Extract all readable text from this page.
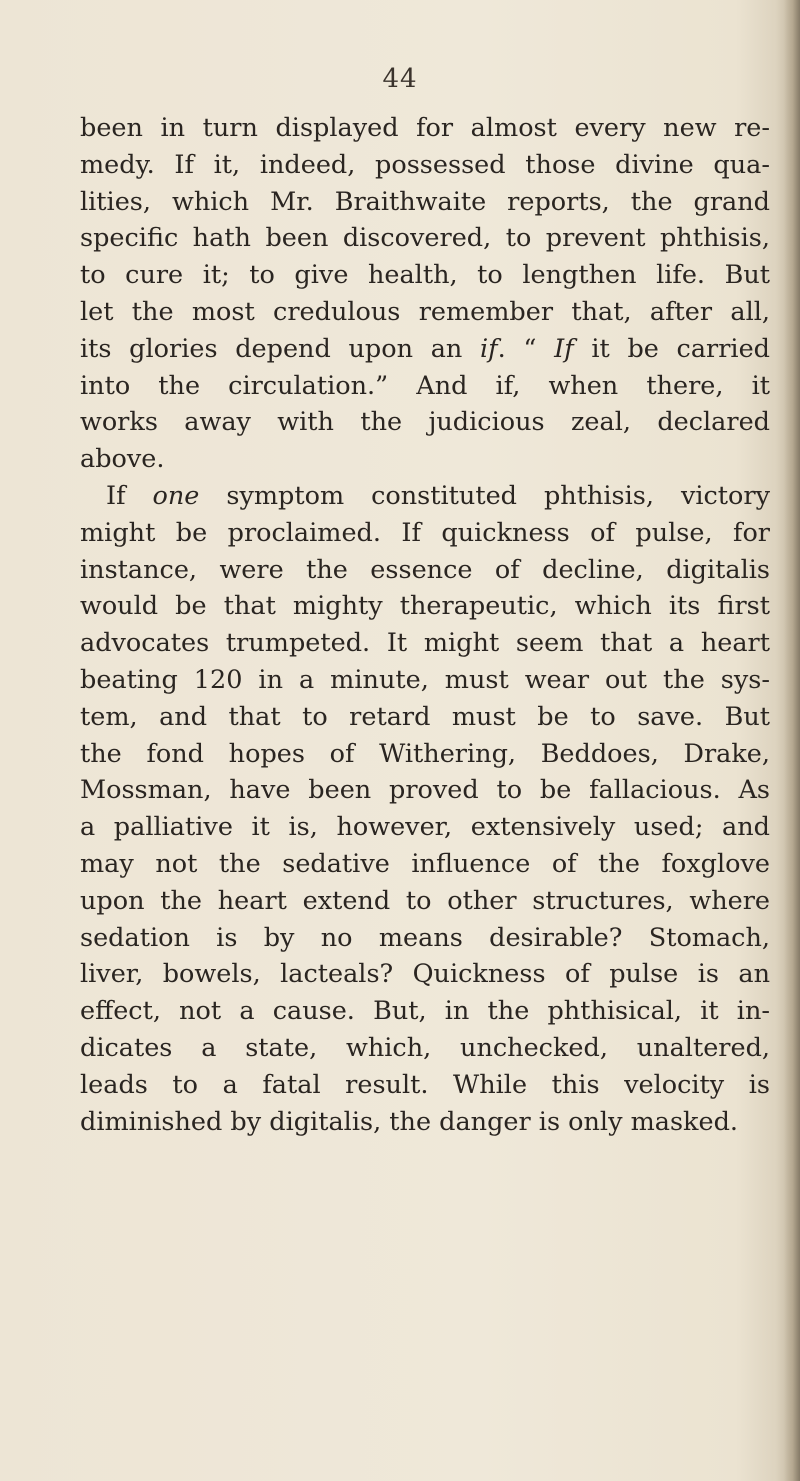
44
been in turn displayed for almost every new re-
medy. If it, indeed, possessed those divine qua-
lities, which Mr. Braithwaite reports, the grand
specific hath been discovered, to prevent phthisis,
to cure it; to give health, to lengthen life. But
let the most credulous remember that, after all,
its glories depend upon an if. “ If it be carried
into the circulation.” And if, when there, it
works away with the judicious zeal, declared
above.
If one symptom constituted phthisis, victory
might be proclaimed. If quickness of pulse, for
instance, were the essence of decline, digitalis
would be that mighty therapeutic, which its first
advocates trumpeted. It might seem that a heart
beating 120 in a minute, must wear out the sys-
tem, and that to retard must be to save. But
the fond hopes of Withering, Beddoes, Drake,
Mossman, have been proved to be fallacious. As
a palliative it is, however, extensively used; and
may not the sedative influence of the foxglove
upon the heart extend to other structures, where
sedation is by no means desirable? Stomach,
liver, bowels, lacteals? Quickness of pulse is an
effect, not a cause. But, in the phthisical, it in-
dicates a state, which, unchecked, unaltered,
leads to a fatal result. While this velocity is
diminished by digitalis, the danger is only masked.
